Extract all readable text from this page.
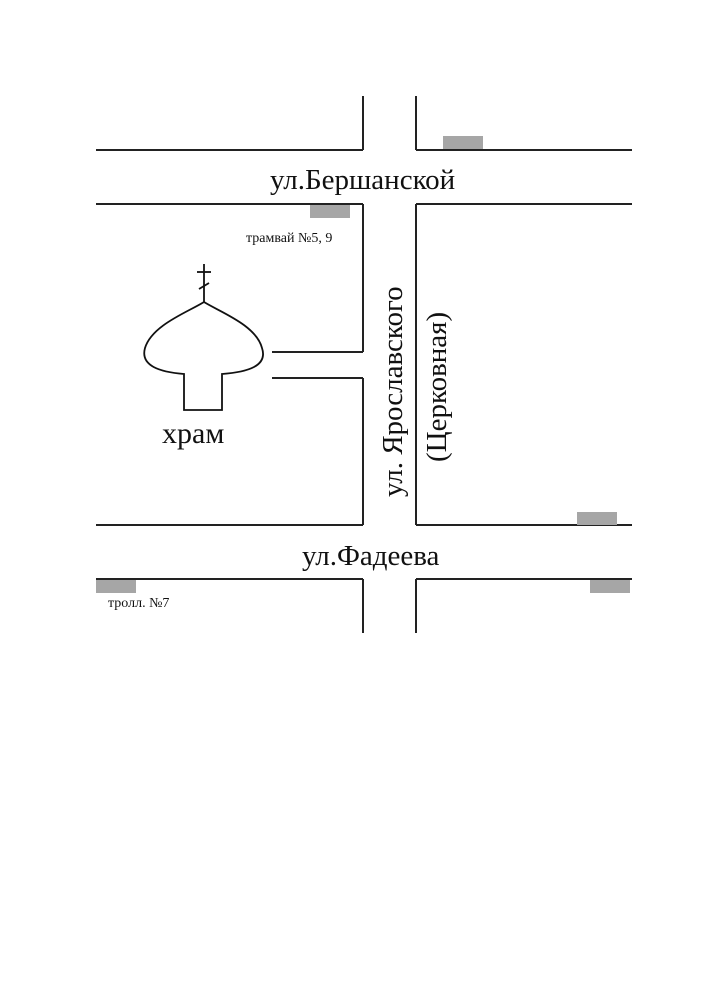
ул.Бершанской
ул.Фадеева
ул. Ярославского (Церковная)
храм
трамвай №5, 9
тролл. №7
